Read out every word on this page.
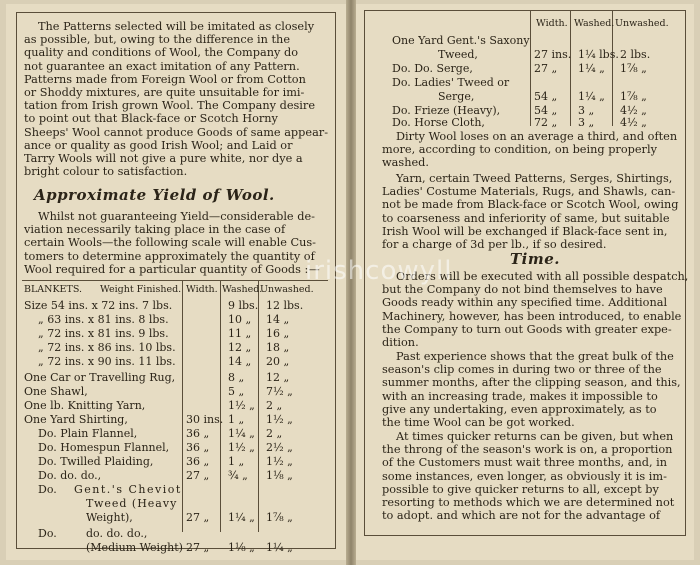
The Patterns selected will be imitated as closely
as possible, but, owing to the difference in the
quality and conditions of Wool, the Company do
not guarantee an exact imitation of any Pattern.
Patterns made from Foreign Wool or from Cotton
or Shoddy mixtures, are quite unsuitable for imi-
tation from Irish grown Wool. The Company desire
to point out that Black-face or Scotch Horny
Sheeps' Wool cannot produce Goods of same appear-
ance or quality as good Irish Wool; and Laid or
Tarry Wools will not give a pure white, nor dye a
bright colour to satisfaction.
Approximate Yield of Wool.
Whilst not guaranteeing Yield—considerable de-
viation necessarily taking place in the case of
certain Wools—the following scale will enable Cus-
tomers to determine approximately the quantity of
Wool required for a particular quantity of Goods :—
BLANKETS. Weight Finished. Width. Washed.
Unwashed.
Size 54 ins. x 72 ins. 7 lbs.	9 lbs. 12 lbs.
„ 63 ins. x 81 ins. 8 lbs.	10 „ 14 „
„ 72 ins. x 81 ins. 9 lbs.	11 „ 16 „
„ 72 ins. x 86 ins. 10 lbs.	12 „ 18 „
„ 72 ins. x 90 ins. 11 lbs.	14 „ 20 „
One Car or Travelling Rug,	8 „ 12 „
One Shawl,	5 „ 7½ „
One lb. Knitting Yarn,	1½ „ 2 „
One Yard Shirting,	30 ins. 1 „ 1½ „
Do. Plain Flannel,	36 „ 1¼ „ 2 „
Do. Homespun Flannel, 36 „ 1½ „ 2½ „
Do. Twilled Plaiding,	36 „ 1 „ 1½ „
Do. do. do.,	27 „ ¾ „ 1⅛ „
Do. Gent.'s Cheviot
Tweed (Heavy
Weight),	27 „ 1¼ „ 1⅞ „
Do.	do. do. do.,
(Medium Weight) 27 „ 1⅛ „ 1¼ „
Width. Washed. Unwashed.
One Yard Gent.'s Saxony
Tweed,	27 ins. 1¼ lbs. 2 lbs.
Do. Do. Serge,	27 „ 1¼ „ 1⅞ „
Do. Ladies' Tweed or
Serge,	54 „ 1¼ „ 1⅞ „
Do. Frieze (Heavy),	54 „ 3 „ 4½ „
Do. Horse Cloth,	72 „ 3 „ 4½ „
Dirty Wool loses on an average a third, and often
more, according to condition, on being properly
washed.
Yarn, certain Tweed Patterns, Serges, Shirtings,
Ladies' Costume Materials, Rugs, and Shawls, can-
not be made from Black-face or Scotch Wool, owing
to coarseness and inferiority of same, but suitable
Irish Wool will be exchanged if Black-face sent in,
for a charge of 3d per lb., if so desired.
Time.
Orders will be executed with all possible despatch,
but the Company do not bind themselves to have
Goods ready within any specified time. Additional
Machinery, however, has been introduced, to enable
the Company to turn out Goods with greater expe-
dition.
Past experience shows that the great bulk of the
season's clip comes in during two or three of the
summer months, after the clipping season, and this,
with an increasing trade, makes it impossible to
give any undertaking, even approximately, as to
the time Wool can be got worked.
At times quicker returns can be given, but when
the throng of the season's work is on, a proportion
of the Customers must wait three months, and, in
some instances, even longer, as obviously it is im-
possible to give quicker returns to all, except by
resorting to methods which we are determined not
to adopt. and which are not for the advantage of
irishcowyll
